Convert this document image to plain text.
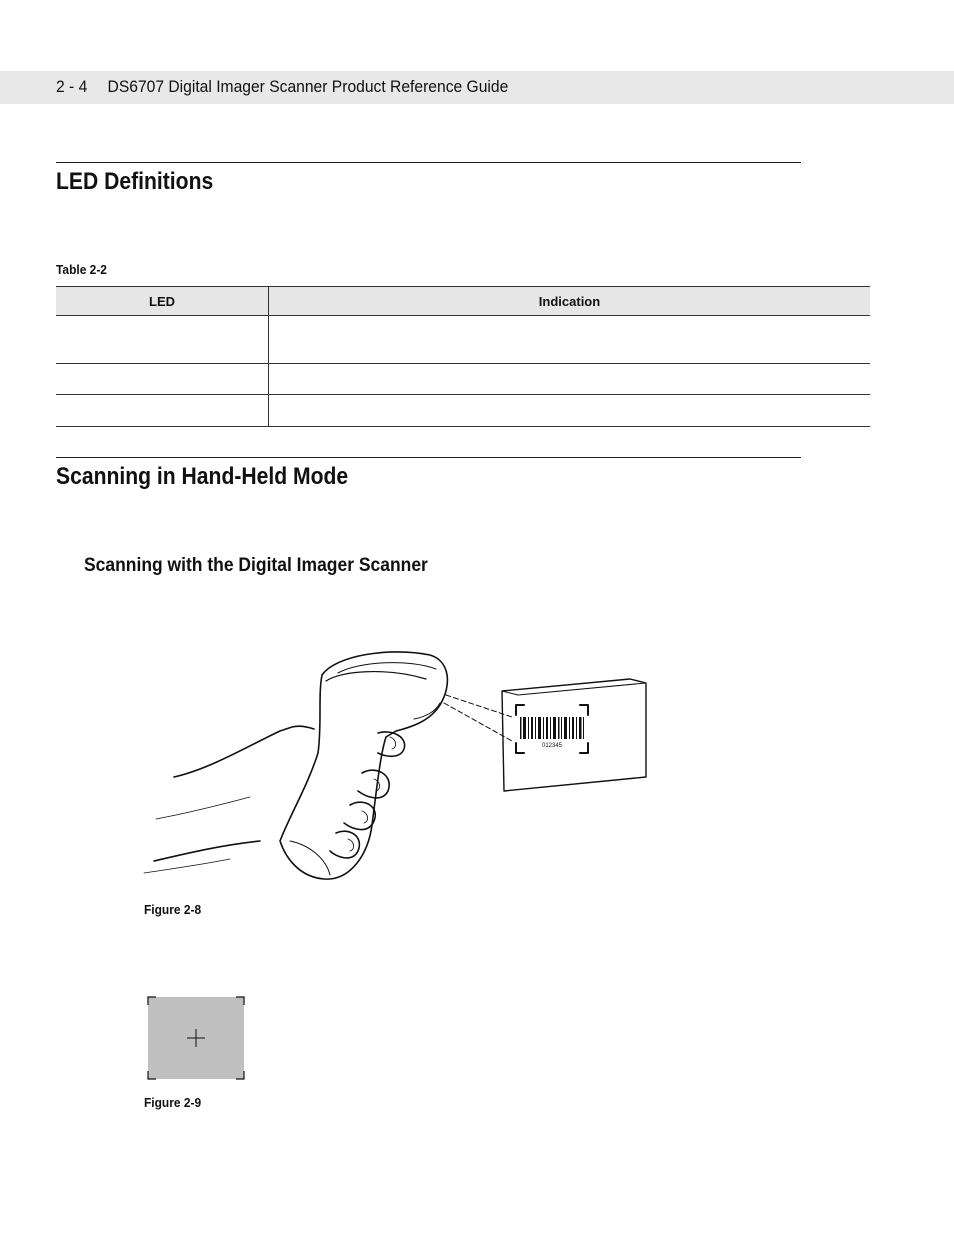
2 - 4 DS6707 Digital Imager Scanner Product Reference Guide
LED Definitions
Table 2-2
LED	Indication

Scanning in Hand-Held Mode
Scanning with the Digital Imager Scanner
012345
Figure 2-8
Figure 2-9
